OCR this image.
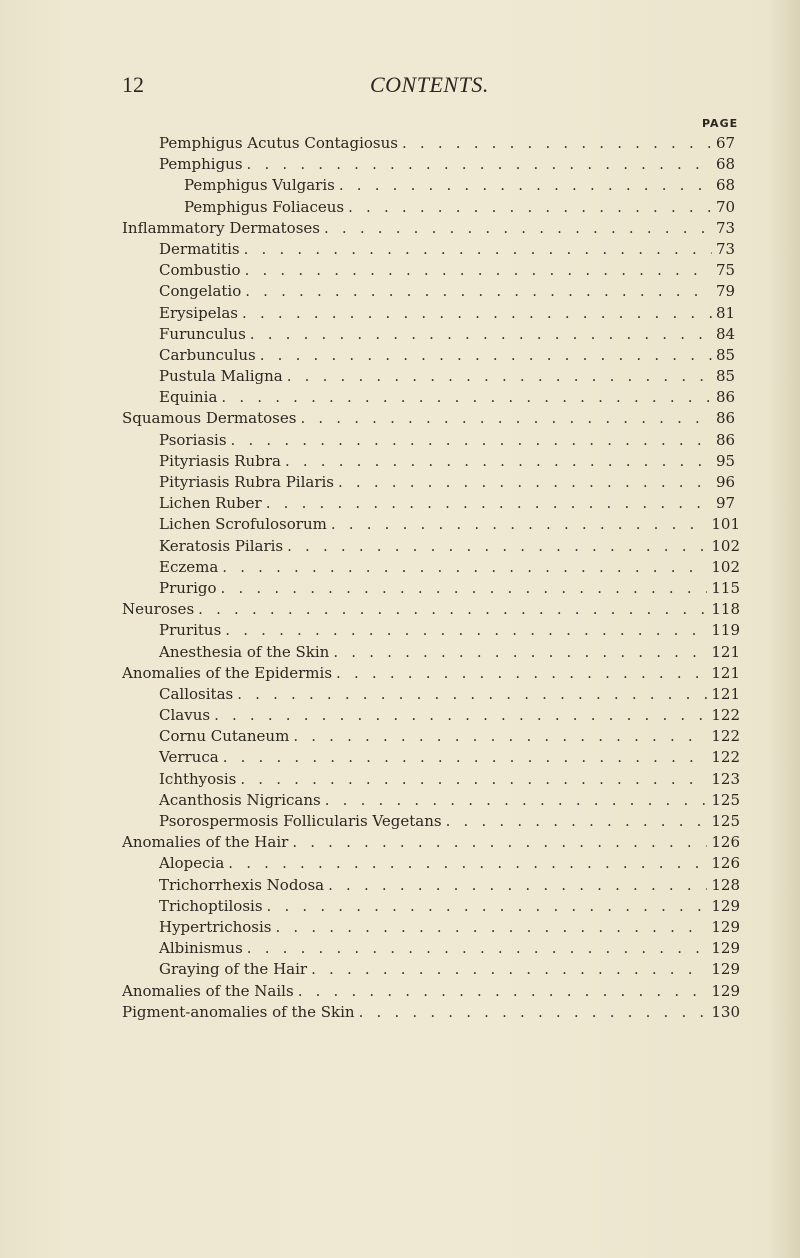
12	CONTENTS.
PAGE
Pemphigus Acutus Contagiosus . . .	67
Pemphigus . . .	68
Pemphigus Vulgaris . . .	68
Pemphigus Foliaceus . . .	70
Inflammatory Dermatoses . . .	73
Dermatitis . . .	73
Combustio . . .	75
Congelatio . . .	79
Erysipelas . . .	81
Furunculus . . .	84
Carbunculus . . .	85
Pustula Maligna . . .	85
Equinia . . .	86
Squamous Dermatoses . . .	86
Psoriasis . . .	86
Pityriasis Rubra . . .	95
Pityriasis Rubra Pilaris . . .	96
Lichen Ruber . . .	97
Lichen Scrofulosorum . . .	101
Keratosis Pilaris . . .	102
Eczema . . .	102
Prurigo . . .	115
Neuroses . . .	118
Pruritus . . .	119
Anesthesia of the Skin . . .	121
Anomalies of the Epidermis . . .	121
Callositas . . .	121
Clavus . . .	122
Cornu Cutaneum . . .	122
Verruca . . .	122
Ichthyosis . . .	123
Acanthosis Nigricans . . .	125
Psorospermosis Follicularis Vegetans . . .	125
Anomalies of the Hair . . .	126
Alopecia . . .	126
Trichorrhexis Nodosa . . .	128
Trichoptilosis . . .	129
Hypertrichosis . . .	129
Albinismus . . .	129
Graying of the Hair . . .	129
Anomalies of the Nails . . .	129
Pigment-anomalies of the Skin . . .	130
